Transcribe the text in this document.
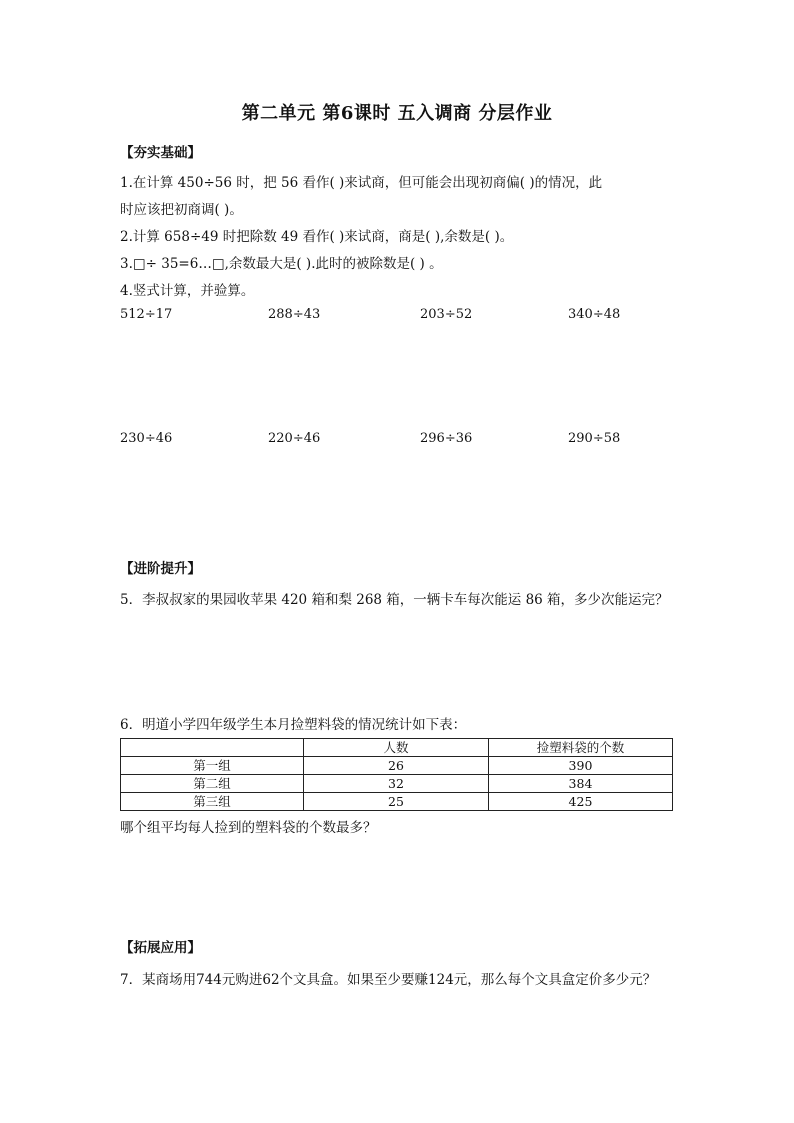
第二单元 第6课时 五入调商 分层作业
【夯实基础】
1.在计算 450÷56 时，把 56 看作( )来试商，但可能会出现初商偏( )的情况，此
时应该把初商调( )。
2.计算 658÷49 时把除数 49 看作( )来试商，商是( ),余数是( )。
3.□÷ 35=6…□,余数最大是( ).此时的被除数是( ) 。
4.竖式计算，并验算。
512÷17	288÷43	203÷52	340÷48
230÷46	220÷46	296÷36	290÷58
【进阶提升】
5．李叔叔家的果园收苹果 420 箱和梨 268 箱，一辆卡车每次能运 86 箱，多少次能运完？
6．明道小学四年级学生本月捡塑料袋的情况统计如下表：
	人数	捡塑料袋的个数
第一组	26	390
第二组	32	384
第三组	25	425
哪个组平均每人捡到的塑料袋的个数最多？
【拓展应用】
7．某商场用744元购进62个文具盒。如果至少要赚124元，那么每个文具盒定价多少元？
